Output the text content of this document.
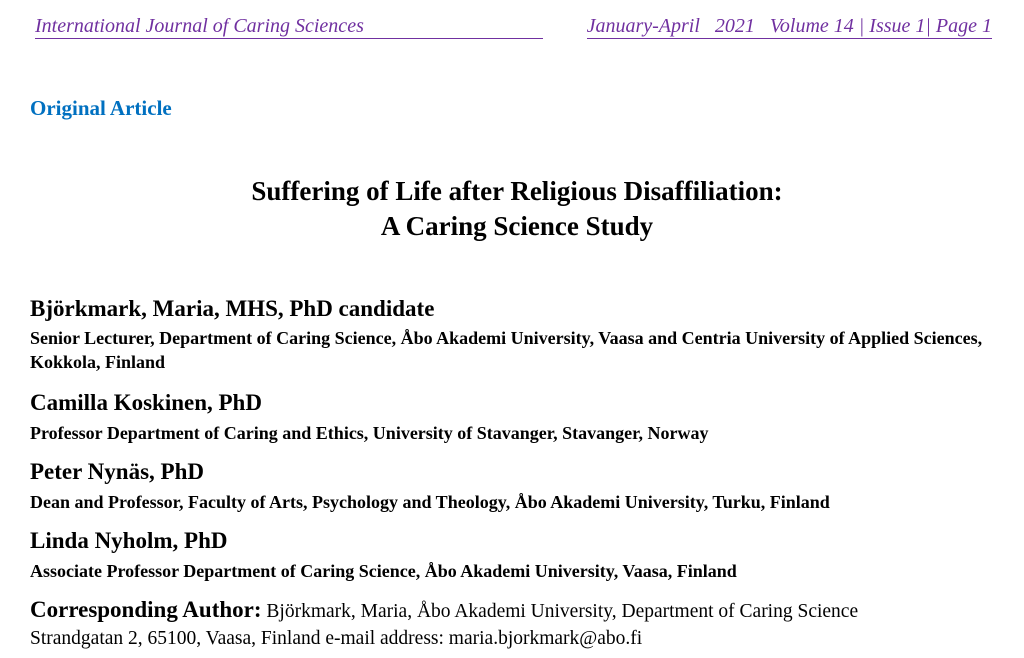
International Journal of Caring Sciences	January-April   2021   Volume 14 | Issue 1| Page 1
Original Article
Suffering of Life after Religious Disaffiliation:
A Caring Science Study
Björkmark, Maria, MHS, PhD candidate
Senior Lecturer, Department of Caring Science, Åbo Akademi University, Vaasa and Centria University of Applied Sciences, Kokkola, Finland
Camilla Koskinen, PhD
Professor Department of Caring and Ethics, University of Stavanger, Stavanger, Norway
Peter Nynäs, PhD
Dean and Professor, Faculty of Arts, Psychology and Theology, Åbo Akademi University, Turku, Finland
Linda Nyholm, PhD
Associate Professor Department of Caring Science, Åbo Akademi University, Vaasa, Finland
Corresponding Author: Björkmark, Maria, Åbo Akademi University, Department of Caring Science
Strandgatan 2, 65100, Vaasa, Finland e-mail address: maria.bjorkmark@abo.fi
